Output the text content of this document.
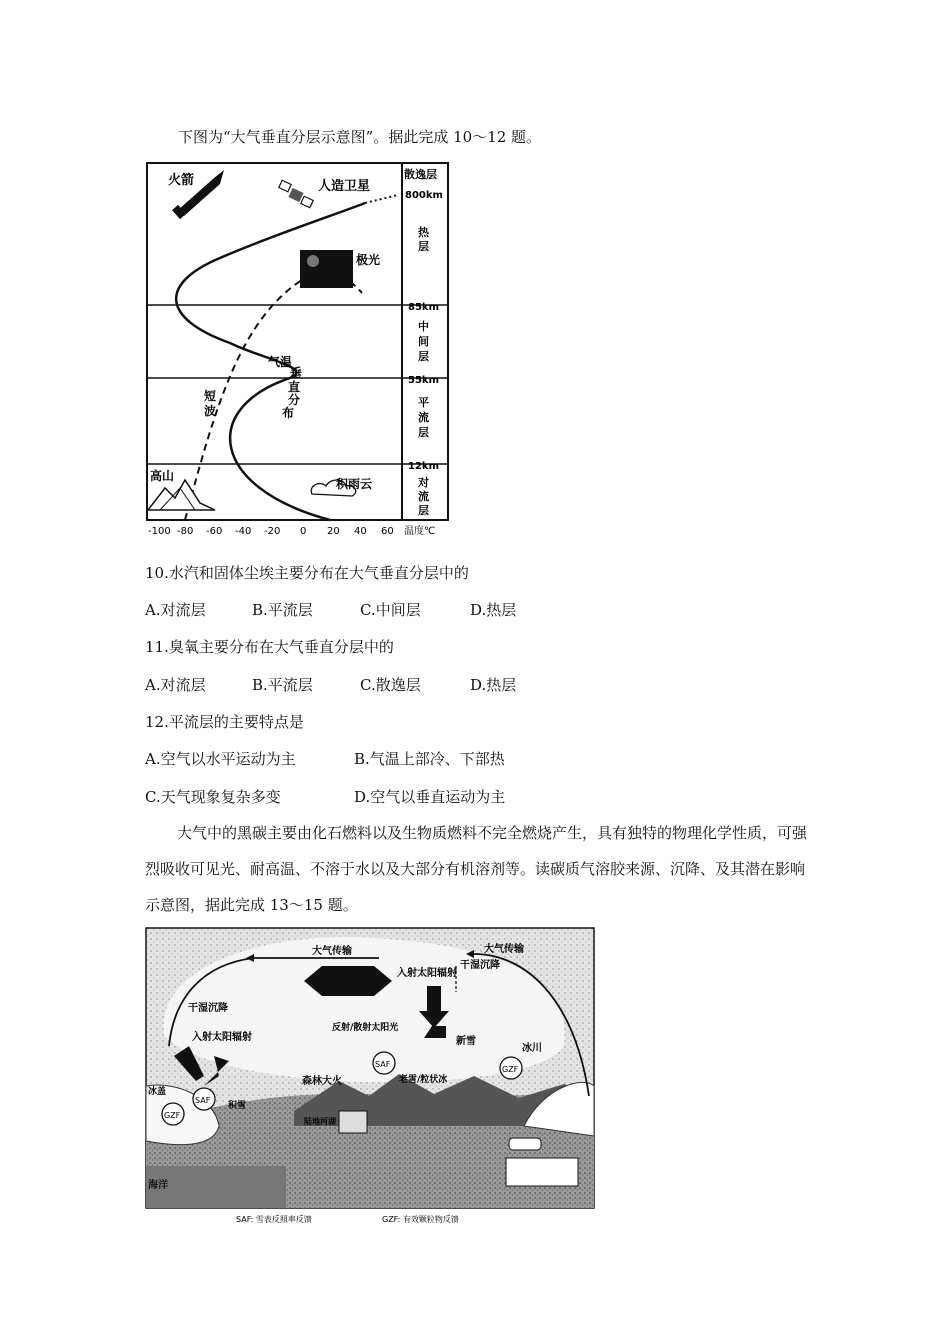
下图为“大气垂直分层示意图”。据此完成 10～12 题。
火箭	人造卫星
极光
气温
垂
直
分
布
短
波
高山
积雨云
散逸层
800km
热
层
85km
中
间
层
55km
平
流
层
12km
对
流
层
-100 -80 -60 -40 -20 0 20 40 60 温度℃
10.水汽和固体尘埃主要分布在大气垂直分层中的
A.对流层	B.平流层	C.中间层	D.热层
11.臭氧主要分布在大气垂直分层中的
A.对流层	B.平流层	C.散逸层	D.热层
12.平流层的主要特点是
A.空气以水平运动为主	B.气温上部冷、下部热
C.天气现象复杂多变	D.空气以垂直运动为主
大气中的黑碳主要由化石燃料以及生物质燃料不完全燃烧产生，具有独特的物理化学性质，可强烈吸收可见光、耐高温、不溶于水以及大部分有机溶剂等。读碳质气溶胶来源、沉降、及其潜在影响示意图，据此完成 13～15 题。
大气传输	大气传输
入射太阳辐射
干湿沉降
反射/散射太阳光
干湿沉降
入射太阳辐射	新雪
SAF
森林大火	老雪/粒状冰
冰川
GZF
冰盖
SAF
GZF
积雪
陆地河湖
海洋
SAF: 雪表反照率反馈	GZF: 有效颗粒物反馈
